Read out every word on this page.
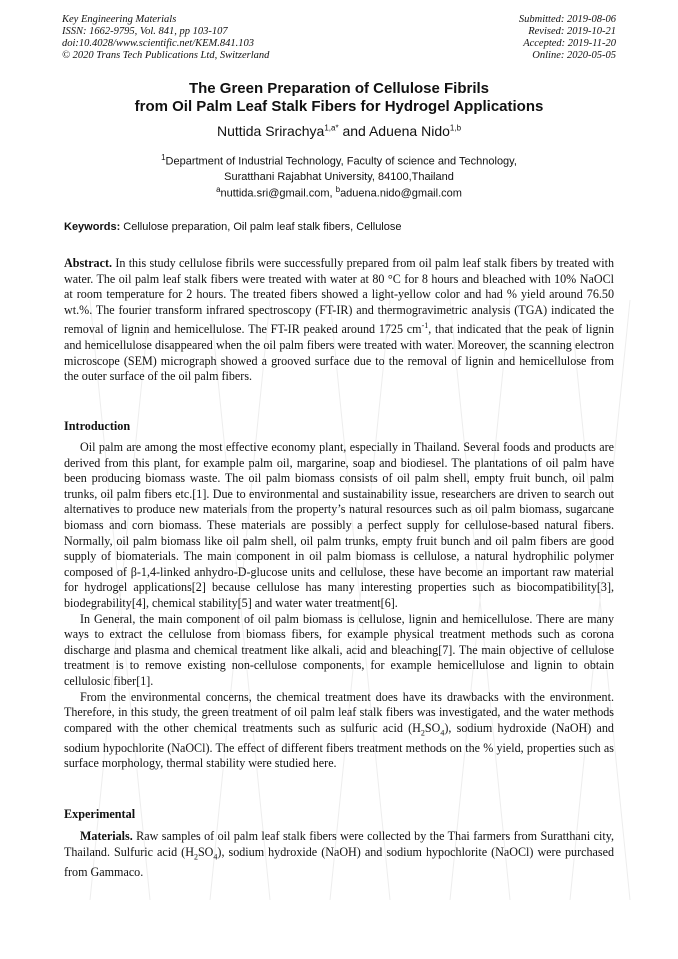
Key Engineering Materials
ISSN: 1662-9795, Vol. 841, pp 103-107
doi:10.4028/www.scientific.net/KEM.841.103
© 2020 Trans Tech Publications Ltd, Switzerland
Submitted: 2019-08-06
Revised: 2019-10-21
Accepted: 2019-11-20
Online: 2020-05-05
The Green Preparation of Cellulose Fibrils
from Oil Palm Leaf Stalk Fibers for Hydrogel Applications
Nuttida Srirachya$^{1,a*}$ and Aduena Nido$^{1,b}$
$^1$Department of Industrial Technology, Faculty of science and Technology,
Suratthani Rajabhat University, 84100,Thailand
$^a$nuttida.sri@gmail.com, $^b$aduena.nido@gmail.com
Keywords: Cellulose preparation, Oil palm leaf stalk fibers, Cellulose

Abstract. In this study cellulose fibrils were successfully prepared from oil palm leaf stalk fibers by treated with water. The oil palm leaf stalk fibers were treated with water at 80 °C for 8 hours and bleached with 10% NaOCl at room temperature for 2 hours. The treated fibers showed a light-yellow color and had % yield around 76.50 wt.%. The fourier transform infrared spectroscopy (FT-IR) and thermogravimetric analysis (TGA) indicated the removal of lignin and hemicellulose. The FT-IR peaked around 1725 $cm^{-1}$, that indicated that the peak of lignin and hemicellulose disappeared when the oil palm fibers were treated with water. Moreover, the scanning electron microscope (SEM) micrograph showed a grooved surface due to the removal of lignin and hemicellulose from the outer surface of the oil palm fibers.

Introduction

Oil palm are among the most effective economy plant, especially in Thailand. Several foods and products are derived from this plant, for example palm oil, margarine, soap and biodiesel. The plantations of oil palm have been producing biomass waste. The oil palm biomass consists of oil palm shell, empty fruit bunch, oil palm trunks, oil palm fibers etc.[1]. Due to environmental and sustainability issue, researchers are driven to search out alternatives to produce new materials from the property’s natural resources such as oil palm biomass, sugarcane biomass and corn biomass. These materials are possibly a perfect supply for cellulose-based natural fibers. Normally, oil palm biomass like oil palm shell, oil palm trunks, empty fruit bunch and oil palm fibers are good supply of biomaterials. The main component in oil palm biomass is cellulose, a natural hydrophilic polymer composed of β-1,4-linked anhydro-D-glucose units and cellulose, these have become an important raw material for hydrogel applications[2] because cellulose has many interesting properties such as biocompatibility[3], biodegrability[4], chemical stability[5] and water water treatment[6].

In General, the main component of oil palm biomass is cellulose, lignin and hemicellulose. There are many ways to extract the cellulose from biomass fibers, for example physical treatment methods such as corona discharge and plasma and chemical treatment like alkali, acid and bleaching[7]. The main objective of cellulose treatment is to remove existing non-cellulose components, for example hemicellulose and lignin to obtain cellulosic fiber[1].

From the environmental concerns, the chemical treatment does have its drawbacks with the environment. Therefore, in this study, the green treatment of oil palm leaf stalk fibers was investigated, and the water methods compared with the other chemical treatments such as sulfuric acid $(H_2SO_4)$, sodium hydroxide (NaOH) and sodium hypochlorite (NaOCl). The effect of different fibers treatment methods on the % yield, properties such as surface morphology, thermal stability were studied here.

Experimental

Materials. Raw samples of oil palm leaf stalk fibers were collected by the Thai farmers from Suratthani city, Thailand. Sulfuric acid $(H_2SO_4)$, sodium hydroxide (NaOH) and sodium hypochlorite (NaOCl) were purchased from Gammaco.
